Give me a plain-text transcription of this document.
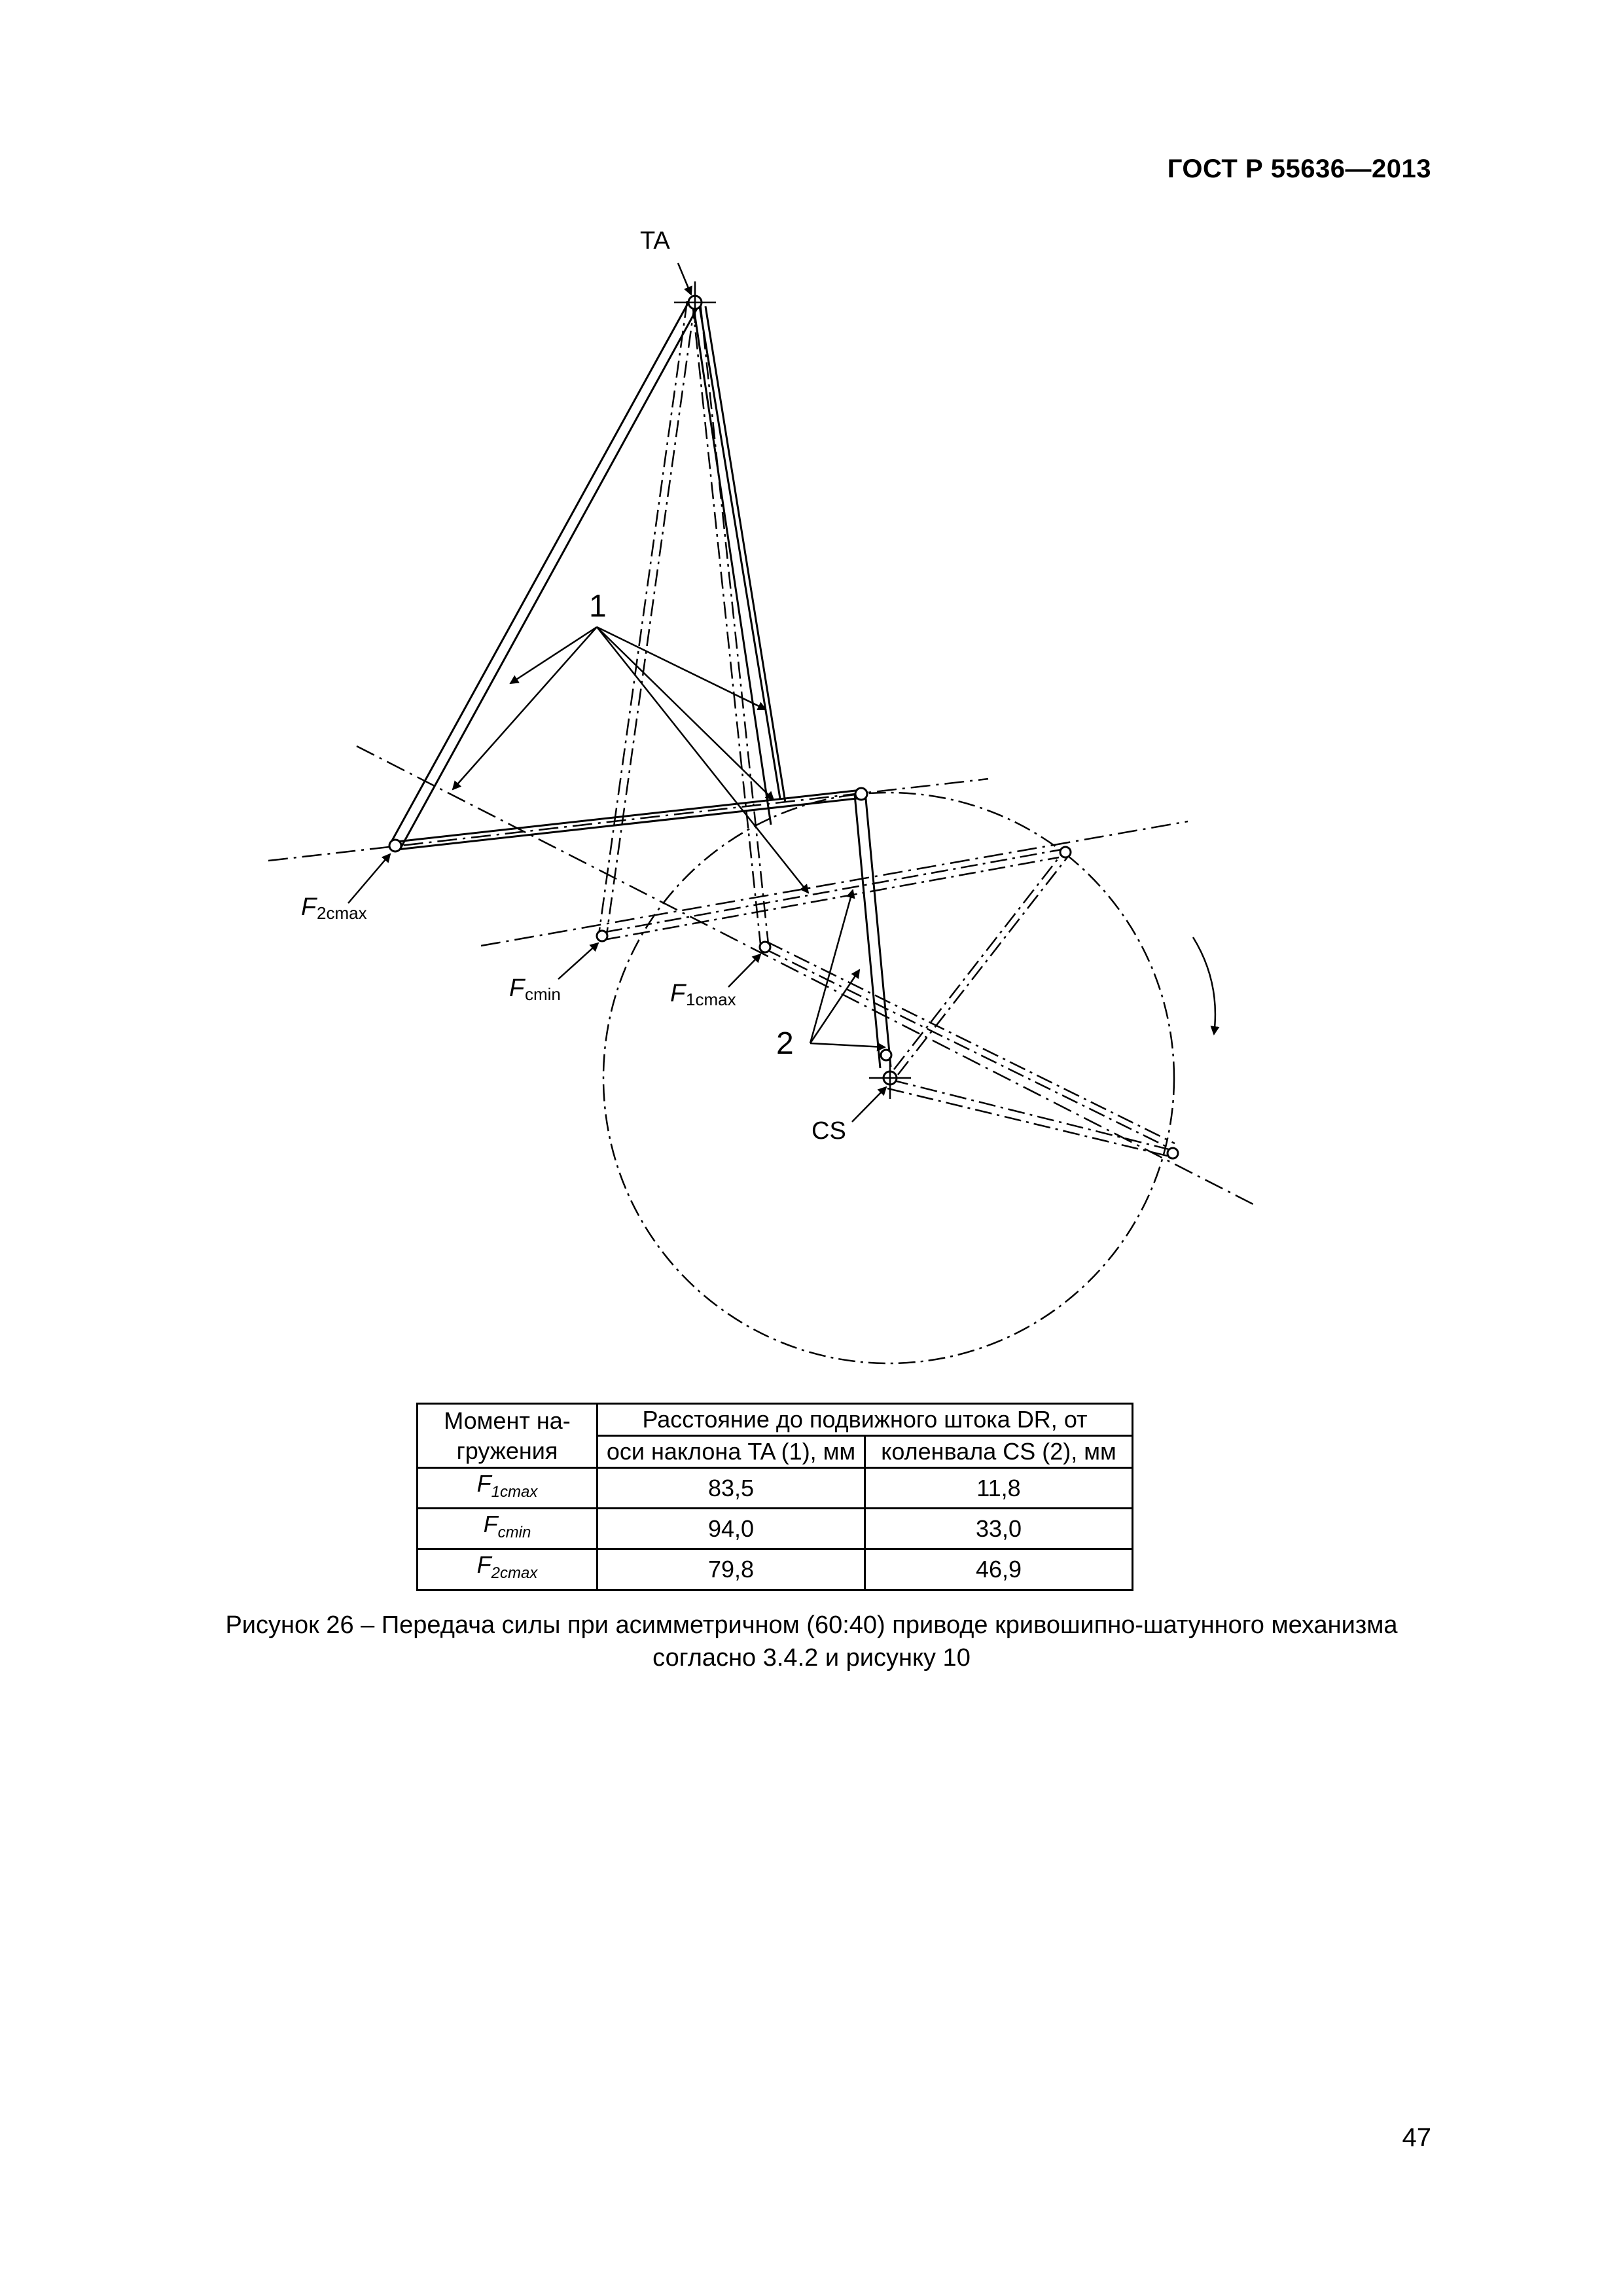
ГОСТ Р 55636—2013
TA
CS
1
2
F 2cmax
F cmin	F 1cmax
Момент на-гружения	Расстояние до подвижного штока DR, от	
	оси наклона TA (1), мм	коленвала CS (2), мм
$F_{1cmax}$	83,5	11,8
$F_{cmin}$	94,0	33,0
$F_{2cmax}$	79,8	46,9
Рисунок 26 – Передача силы при асимметричном (60:40) приводе кривошипно-шатунного механизма
согласно 3.4.2 и рисунку 10
47
